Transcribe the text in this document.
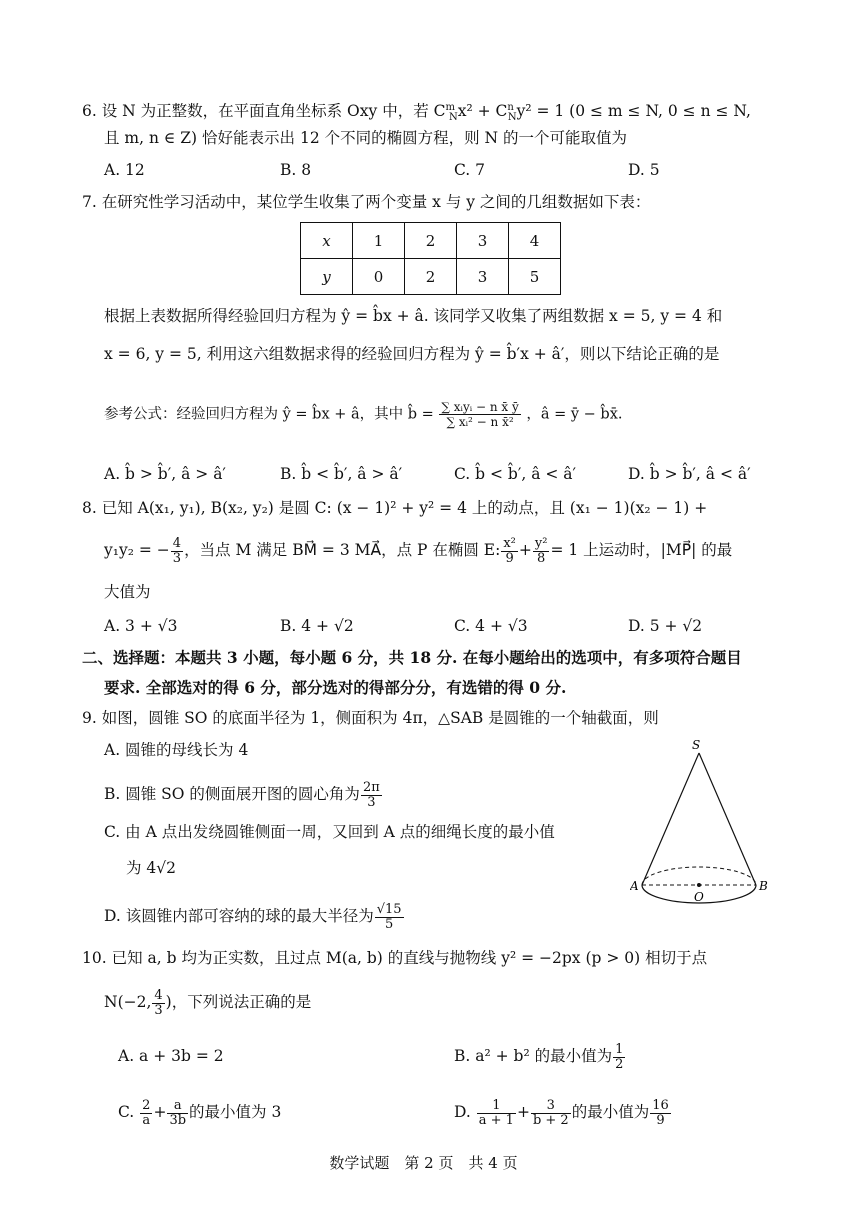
6. 设 N 为正整数，在平面直角坐标系 Oxy 中，若 $C^m_Nx^2 + C^n_Ny^2 = 1$ (0 ≤ m ≤ N, 0 ≤ n ≤ N,
且 m, n ∈ Z) 恰好能表示出 12 个不同的椭圆方程，则 N 的一个可能取值为
A. 12	B. 8	C. 7	D. 5
7. 在研究性学习活动中，某位学生收集了两个变量 x 与 y 之间的几组数据如下表：
x	1	2	3	4
y	0	2	3	5
根据上表数据所得经验回归方程为 ŷ = b̂x + â. 该同学又收集了两组数据 x = 5, y = 4 和
x = 6, y = 5, 利用这六组数据求得的经验回归方程为 ŷ = b̂′x + â′，则以下结论正确的是
参考公式：经验回归方程为 ŷ = b̂x + â，其中 b̂ = $\frac{\text{∑ xᵢyᵢ − n x̄ ȳ}}{\text{∑ xᵢ² − n x̄²}}$ ，â = ȳ − b̂x̄.
A. b̂ > b̂′, â > â′	B. b̂ < b̂′, â > â′	C. b̂ < b̂′, â < â′	D. b̂ > b̂′, â < â′
8. 已知 A(x₁, y₁), B(x₂, y₂) 是圆 C: (x − 1)² + y² = 4 上的动点，且 (x₁ − 1)(x₂ − 1) +
y₁y₂ = − $\frac{4}{3}$ ，当点 M 满足 BM⃗ = 3 MA⃗，点 P 在椭圆 E: $\frac{\text{x²}}{9} + \frac{\text{y²}}{8} = 1$ 上运动时，|MP⃗| 的最
大值为
A. 3 + √3	B. 4 + √2	C. 4 + √3	D. 5 + √2
二、选择题：本题共 3 小题，每小题 6 分，共 18 分. 在每小题给出的选项中，有多项符合题目
要求. 全部选对的得 6 分，部分选对的得部分分，有选错的得 0 分.
9. 如图，圆锥 SO 的底面半径为 1，侧面积为 4π，△SAB 是圆锥的一个轴截面，则
A. 圆锥的母线长为 4
B. 圆锥 SO 的侧面展开图的圆心角为 $\frac{2\pi}{3}$
C. 由 A 点出发绕圆锥侧面一周，又回到 A 点的细绳长度的最小值
为 4√2
D. 该圆锥内部可容纳的球的最大半径为 $\frac{√15}{5}$
S
A	B
O
10. 已知 a, b 均为正实数，且过点 M(a, b) 的直线与抛物线 y² = −2px (p > 0) 相切于点
N(−2, $\frac{4}{3}$ )，下列说法正确的是
A. a + 3b = 2	B. a² + b² 的最小值为 $\frac{1}{2}$
C. $\frac{2}{a} + \frac{a}{3b}$ 的最小值为 3	D. $\frac{1}{a + 1} + \frac{3}{b + 2}$ 的最小值为 $\frac{16}{9}$
数学试题　第 2 页　共 4 页
